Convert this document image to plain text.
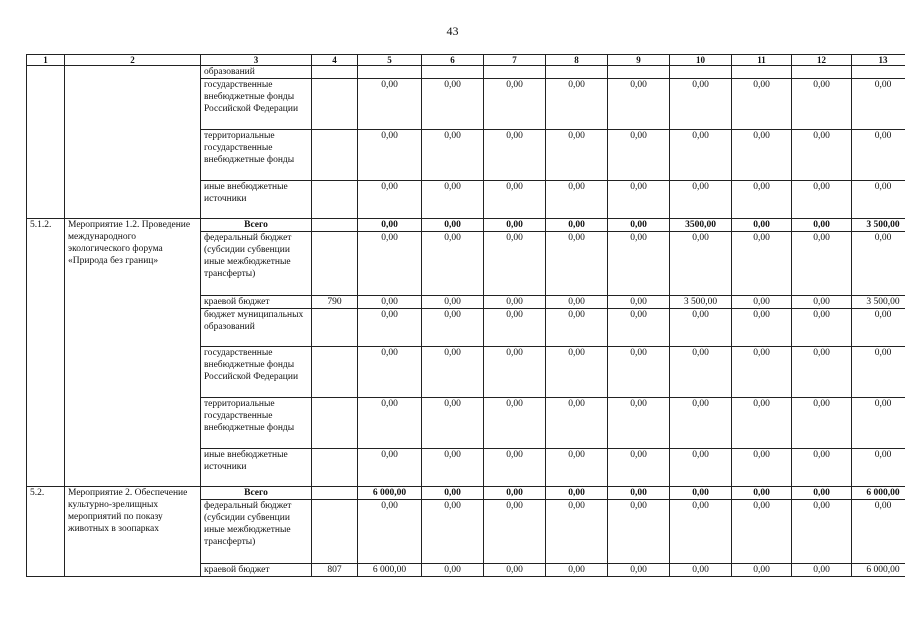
43
1	2	3	4	5	6	7	8	9	10	11	12	13
		образований										
		государственные внебюджетные фонды Российской Федерации		0,00	0,00	0,00	0,00	0,00	0,00	0,00	0,00	0,00
		территориальные государственные внебюджетные фонды		0,00	0,00	0,00	0,00	0,00	0,00	0,00	0,00	0,00
		иные внебюджетные источники		0,00	0,00	0,00	0,00	0,00	0,00	0,00	0,00	0,00
5.1.2.	Мероприятие 1.2. Проведение международного экологического форума «Природа без границ»	Всего		0,00	0,00	0,00	0,00	0,00	3500,00	0,00	0,00	3 500,00
		федеральный бюджет (субсидии субвенции иные межбюджетные трансферты)		0,00	0,00	0,00	0,00	0,00	0,00	0,00	0,00	0,00
		краевой бюджет	790	0,00	0,00	0,00	0,00	0,00	3 500,00	0,00	0,00	3 500,00
		бюджет муниципальных образований		0,00	0,00	0,00	0,00	0,00	0,00	0,00	0,00	0,00
		государственные внебюджетные фонды Российской Федерации		0,00	0,00	0,00	0,00	0,00	0,00	0,00	0,00	0,00
		территориальные государственные внебюджетные фонды		0,00	0,00	0,00	0,00	0,00	0,00	0,00	0,00	0,00
		иные внебюджетные источники		0,00	0,00	0,00	0,00	0,00	0,00	0,00	0,00	0,00
5.2.	Мероприятие 2. Обеспечение культурно-зрелищных мероприятий по показу животных в зоопарках	Всего		6 000,00	0,00	0,00	0,00	0,00	0,00	0,00	0,00	6 000,00
		федеральный бюджет (субсидии субвенции иные межбюджетные трансферты)		0,00	0,00	0,00	0,00	0,00	0,00	0,00	0,00	0,00
		краевой бюджет	807	6 000,00	0,00	0,00	0,00	0,00	0,00	0,00	0,00	6 000,00
